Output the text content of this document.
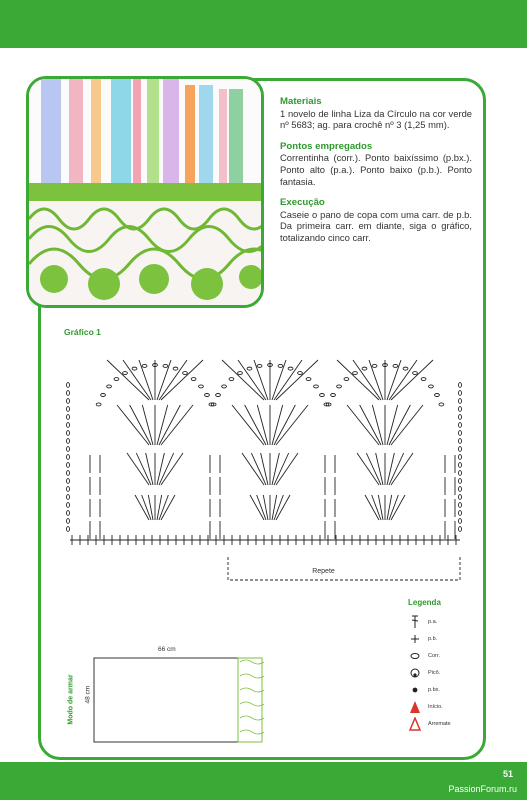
Materiais

1 novelo de linha Liza da Círculo na cor verde nº 5683; ag. para crochê nº 3 (1,25 mm).

Pontos empregados

Correntinha (corr.). Ponto baixíssimo (p.bx.). Ponto alto (p.a.). Ponto baixo (p.b.). Ponto fantasia.

Execução

Caseie o pano de copa com uma carr. de p.b. Da primeira carr. em diante, siga o gráfico, totalizando cinco carr.

Gráfico 1
Repete
Legenda
p.a.
p.b.
Corr.
Picô.
p.bx.
Início.
Arremate
Modo de armar
66 cm
48 cm
51
PassionForum.ru
